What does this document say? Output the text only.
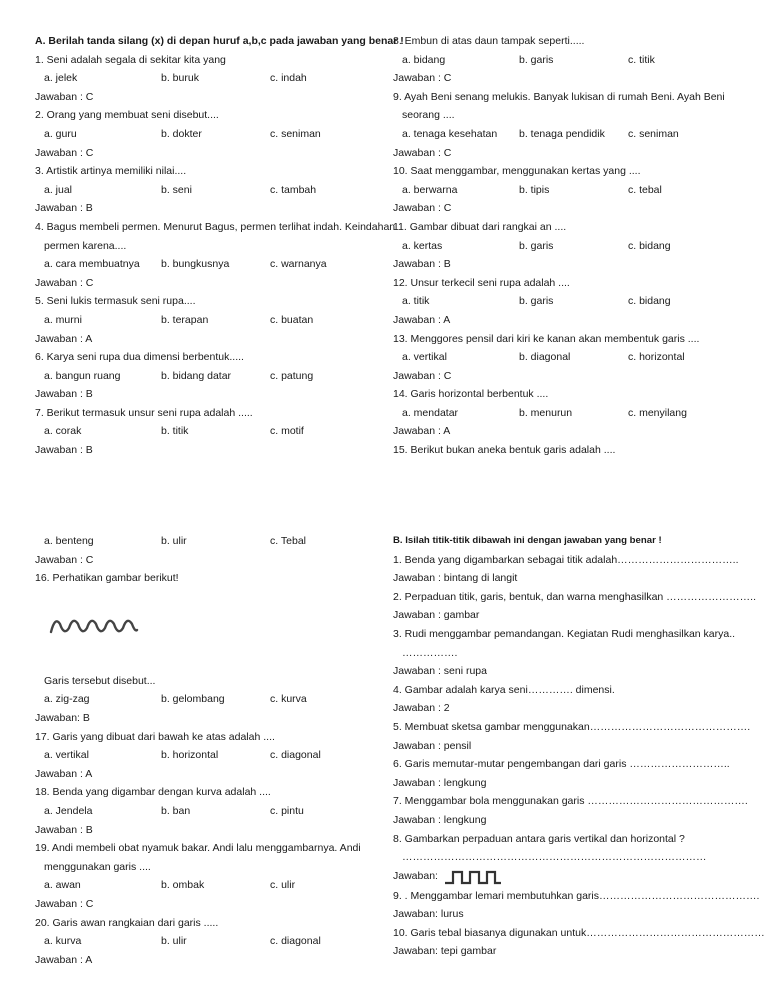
A. Berilah tanda silang (x) di depan huruf a,b,c pada jawaban yang benar !
1. Seni adalah segala di sekitar kita yang
a. jelek	b. buruk	c. indah
Jawaban : C
2. Orang yang membuat seni disebut....
a. guru	b. dokter	c. seniman
Jawaban : C
3. Artistik artinya memiliki nilai....
a. jual	b. seni	c. tambah
Jawaban : B
4. Bagus membeli permen. Menurut Bagus, permen terlihat indah. Keindahan
permen karena....
a. cara membuatnya b. bungkusnya	c. warnanya
Jawaban : C
5. Seni lukis termasuk seni rupa....
a. murni	b. terapan	c. buatan
Jawaban : A
6. Karya seni rupa dua dimensi berbentuk.....
a. bangun ruang	b. bidang datar	c. patung
Jawaban : B
7. Berikut termasuk unsur seni rupa adalah .....
a. corak	b. titik	c. motif
Jawaban : B
8. Embun di atas daun tampak seperti.....
a. bidang	b. garis	c. titik
Jawaban : C
9. Ayah Beni senang melukis. Banyak lukisan di rumah Beni. Ayah Beni
seorang ....
a. tenaga kesehatan b. tenaga pendidik c. seniman
Jawaban : C
10. Saat menggambar, menggunakan kertas yang ....
a. berwarna	b. tipis	c. tebal
Jawaban : C
11. Gambar dibuat dari rangkai an ....
a. kertas	b. garis	c. bidang
Jawaban : B
12. Unsur terkecil seni rupa adalah ....
a. titik	b. garis	c. bidang
Jawaban : A
13. Menggores pensil dari kiri ke kanan akan membentuk garis ....
a. vertikal	b. diagonal	c. horizontal
Jawaban : C
14. Garis horizontal berbentuk ....
a. mendatar	b. menurun	c. menyilang
Jawaban : A
15. Berikut bukan aneka bentuk garis adalah ....
a. benteng	b. ulir	c. Tebal
Jawaban : C
16. Perhatikan gambar berikut!
Garis tersebut disebut...
a. zig-zag	b. gelombang	c. kurva
Jawaban: B
17. Garis yang dibuat dari bawah ke atas adalah ....
a. vertikal	b. horizontal	c. diagonal
Jawaban : A
18. Benda yang digambar dengan kurva adalah ....
a. Jendela	b. ban	c. pintu
Jawaban : B
19. Andi membeli obat nyamuk bakar. Andi lalu menggambarnya. Andi
menggunakan garis ....
a. awan	b. ombak	c. ulir
Jawaban : C
20. Garis awan rangkaian dari garis .....
a. kurva	b. ulir	c. diagonal
Jawaban : A
B. Isilah titik-titik dibawah ini dengan jawaban yang benar !
1. Benda yang digambarkan sebagai titik adalah……………………………..
Jawaban : bintang di langit
2. Perpaduan titik, garis, bentuk, dan warna menghasilkan ……………………..
Jawaban : gambar
3. Rudi menggambar pemandangan. Kegiatan Rudi menghasilkan karya..
…………….
Jawaban : seni rupa
4. Gambar adalah karya seni…………. dimensi.
Jawaban : 2
5. Membuat sketsa gambar menggunakan……………………………………….
Jawaban : pensil
6. Garis memutar-mutar pengembangan dari garis ………………………..
Jawaban : lengkung
7. Menggambar bola menggunakan garis ……………………………………….
Jawaban : lengkung
8. Gambarkan perpaduan antara garis vertikal dan horizontal ?
……………………………………………………………………………
Jawaban:
9. . Menggambar lemari membutuhkan garis……………………………………….
Jawaban: lurus
10. Garis tebal biasanya digunakan untuk……………………………………………
Jawaban: tepi gambar
